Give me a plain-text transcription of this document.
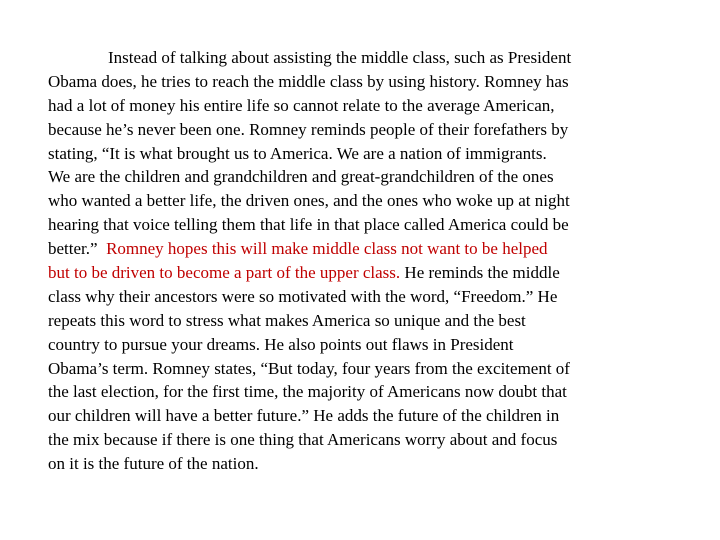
Instead of talking about assisting the middle class, such as President
Obama does, he tries to reach the middle class by using history. Romney has
had a lot of money his entire life so cannot relate to the average American,
because he’s never been one. Romney reminds people of their forefathers by
stating, “It is what brought us to America. We are a nation of immigrants.
We are the children and grandchildren and great-grandchildren of the ones
who wanted a better life, the driven ones, and the ones who woke up at night
hearing that voice telling them that life in that place called America could be
better.” Romney hopes this will make middle class not want to be helped
but to be driven to become a part of the upper class. He reminds the middle
class why their ancestors were so motivated with the word, “Freedom.” He
repeats this word to stress what makes America so unique and the best
country to pursue your dreams. He also points out flaws in President
Obama’s term. Romney states, “But today, four years from the excitement of
the last election, for the first time, the majority of Americans now doubt that
our children will have a better future.” He adds the future of the children in
the mix because if there is one thing that Americans worry about and focus
on it is the future of the nation.
